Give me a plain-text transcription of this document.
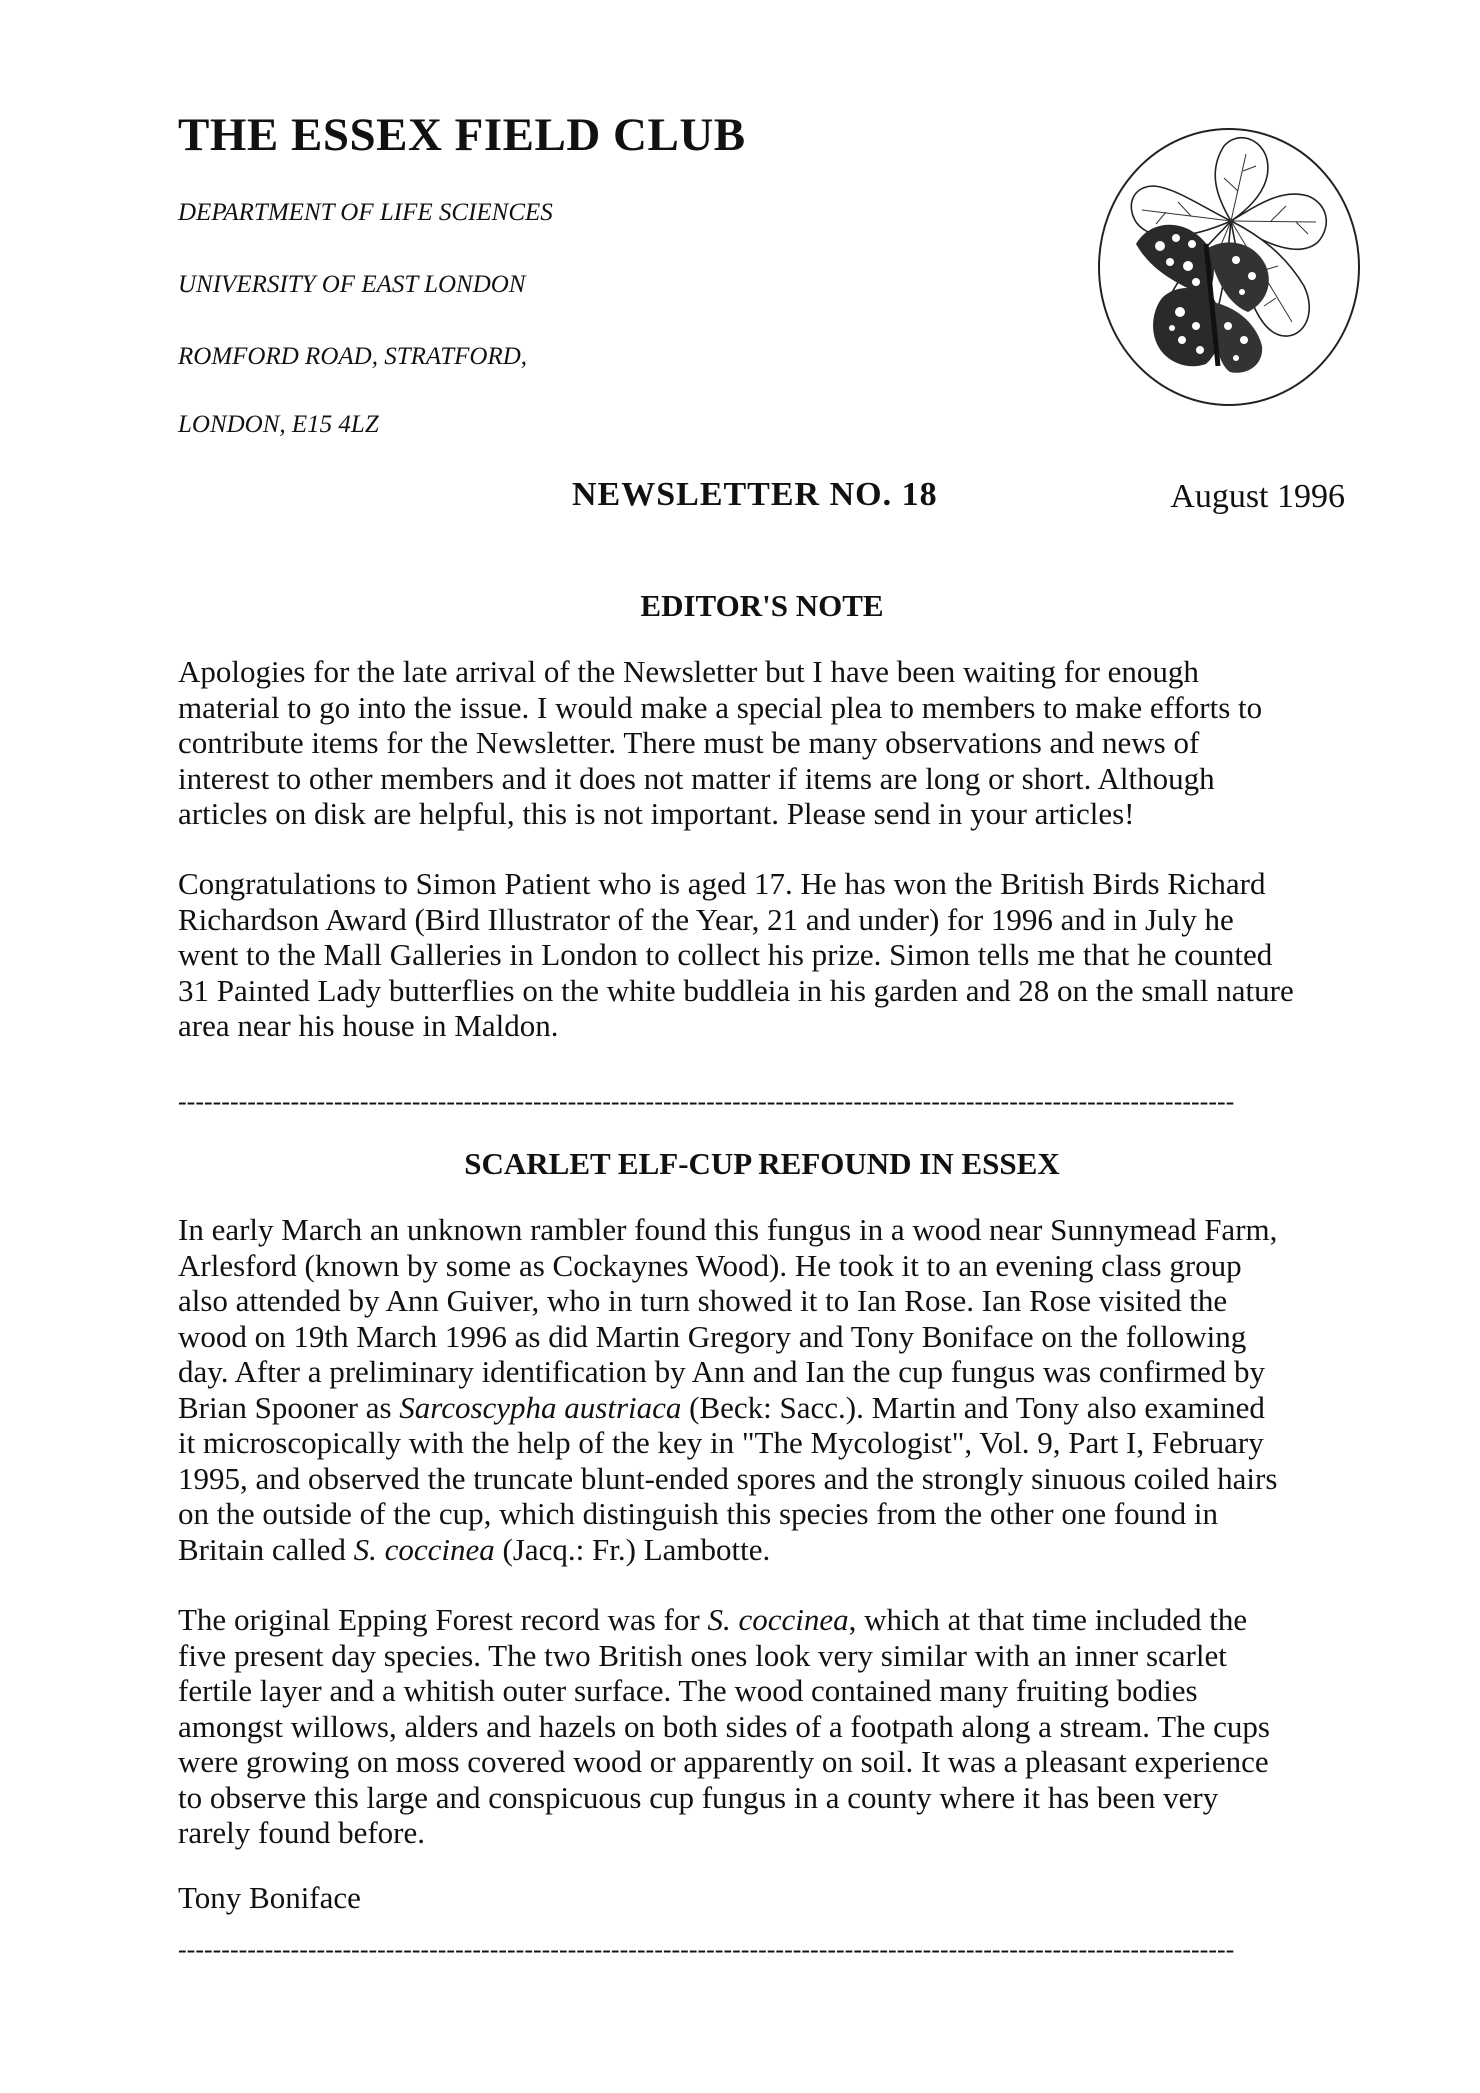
THE ESSEX FIELD CLUB

DEPARTMENT OF LIFE SCIENCES

UNIVERSITY OF EAST LONDON

ROMFORD ROAD, STRATFORD,

LONDON, E15 4LZ

NEWSLETTER NO. 18	August 1996

EDITOR'S NOTE

Apologies for the late arrival of the Newsletter but I have been waiting for enough
material to go into the issue. I would make a special plea to members to make efforts to
contribute items for the Newsletter. There must be many observations and news of
interest to other members and it does not matter if items are long or short. Although
articles on disk are helpful, this is not important. Please send in your articles!

Congratulations to Simon Patient who is aged 17. He has won the British Birds Richard
Richardson Award (Bird Illustrator of the Year, 21 and under) for 1996 and in July he
went to the Mall Galleries in London to collect his prize. Simon tells me that he counted
31 Painted Lady butterflies on the white buddleia in his garden and 28 on the small nature
area near his house in Maldon.

--------------------------------------------------------------------------------------------------------------------------
SCARLET ELF-CUP REFOUND IN ESSEX

In early March an unknown rambler found this fungus in a wood near Sunnymead Farm,
Arlesford (known by some as Cockaynes Wood). He took it to an evening class group
also attended by Ann Guiver, who in turn showed it to Ian Rose. Ian Rose visited the
wood on 19th March 1996 as did Martin Gregory and Tony Boniface on the following
day. After a preliminary identification by Ann and Ian the cup fungus was confirmed by
Brian Spooner as Sarcoscypha austriaca (Beck: Sacc.). Martin and Tony also examined
it microscopically with the help of the key in "The Mycologist", Vol. 9, Part I, February
1995, and observed the truncate blunt-ended spores and the strongly sinuous coiled hairs
on the outside of the cup, which distinguish this species from the other one found in
Britain called S. coccinea (Jacq.: Fr.) Lambotte.

The original Epping Forest record was for S. coccinea, which at that time included the
five present day species. The two British ones look very similar with an inner scarlet
fertile layer and a whitish outer surface. The wood contained many fruiting bodies
amongst willows, alders and hazels on both sides of a footpath along a stream. The cups
were growing on moss covered wood or apparently on soil. It was a pleasant experience
to observe this large and conspicuous cup fungus in a county where it has been very
rarely found before.

Tony Boniface

--------------------------------------------------------------------------------------------------------------------------
